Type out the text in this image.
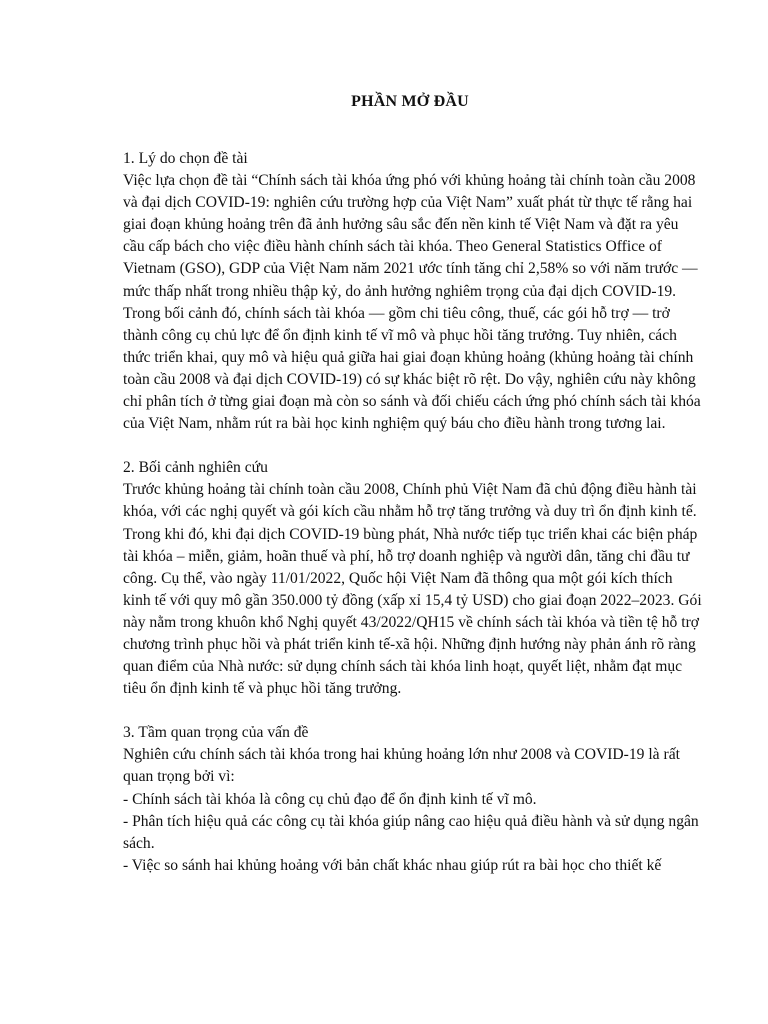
PHẦN MỞ ĐẦU

1. Lý do chọn đề tài

Việc lựa chọn đề tài “Chính sách tài khóa ứng phó với khủng hoảng tài chính toàn cầu 2008 và đại dịch COVID-19: nghiên cứu trường hợp của Việt Nam” xuất phát từ thực tế rằng hai giai đoạn khủng hoảng trên đã ảnh hưởng sâu sắc đến nền kinh tế Việt Nam và đặt ra yêu cầu cấp bách cho việc điều hành chính sách tài khóa. Theo General Statistics Office of Vietnam (GSO), GDP của Việt Nam năm 2021 ước tính tăng chỉ 2,58% so với năm trước — mức thấp nhất trong nhiều thập kỷ, do ảnh hưởng nghiêm trọng của đại dịch COVID-19. Trong bối cảnh đó, chính sách tài khóa — gồm chi tiêu công, thuế, các gói hỗ trợ — trở thành công cụ chủ lực để ổn định kinh tế vĩ mô và phục hồi tăng trưởng. Tuy nhiên, cách thức triển khai, quy mô và hiệu quả giữa hai giai đoạn khủng hoảng (khủng hoảng tài chính toàn cầu 2008 và đại dịch COVID-19) có sự khác biệt rõ rệt. Do vậy, nghiên cứu này không chỉ phân tích ở từng giai đoạn mà còn so sánh và đối chiếu cách ứng phó chính sách tài khóa của Việt Nam, nhằm rút ra bài học kinh nghiệm quý báu cho điều hành trong tương lai.

2. Bối cảnh nghiên cứu

Trước khủng hoảng tài chính toàn cầu 2008, Chính phủ Việt Nam đã chủ động điều hành tài khóa, với các nghị quyết và gói kích cầu nhằm hỗ trợ tăng trưởng và duy trì ổn định kinh tế. Trong khi đó, khi đại dịch COVID-19 bùng phát, Nhà nước tiếp tục triển khai các biện pháp tài khóa – miễn, giảm, hoãn thuế và phí, hỗ trợ doanh nghiệp và người dân, tăng chi đầu tư công. Cụ thể, vào ngày 11/01/2022, Quốc hội Việt Nam đã thông qua một gói kích thích kinh tế với quy mô gần 350.000 tỷ đồng (xấp xỉ 15,4 tỷ USD) cho giai đoạn 2022–2023. Gói này nằm trong khuôn khổ Nghị quyết 43/2022/QH15 về chính sách tài khóa và tiền tệ hỗ trợ chương trình phục hồi và phát triển kinh tế-xã hội. Những định hướng này phản ánh rõ ràng quan điểm của Nhà nước: sử dụng chính sách tài khóa linh hoạt, quyết liệt, nhằm đạt mục tiêu ổn định kinh tế và phục hồi tăng trưởng.

3. Tầm quan trọng của vấn đề

Nghiên cứu chính sách tài khóa trong hai khủng hoảng lớn như 2008 và COVID-19 là rất quan trọng bởi vì:

- Chính sách tài khóa là công cụ chủ đạo để ổn định kinh tế vĩ mô.

- Phân tích hiệu quả các công cụ tài khóa giúp nâng cao hiệu quả điều hành và sử dụng ngân sách.

- Việc so sánh hai khủng hoảng với bản chất khác nhau giúp rút ra bài học cho thiết kế
